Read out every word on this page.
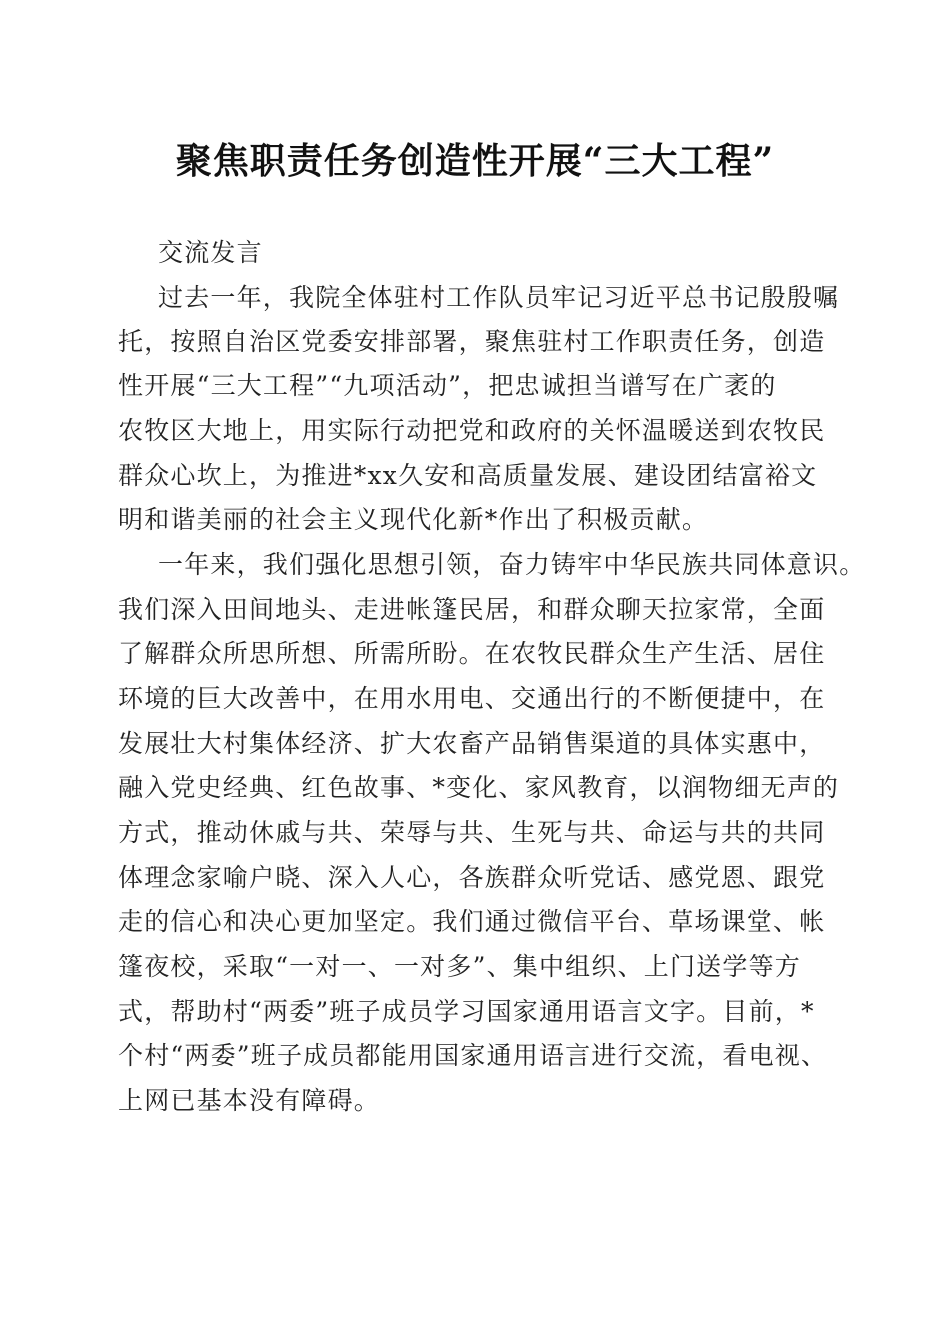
聚焦职责任务创造性开展“三大工程”
交流发言
过去一年，我院全体驻村工作队员牢记习近平总书记殷殷嘱
托，按照自治区党委安排部署，聚焦驻村工作职责任务，创造
性开展“三大工程”“九项活动”，把忠诚担当谱写在广袤的
农牧区大地上，用实际行动把党和政府的关怀温暖送到农牧民
群众心坎上，为推进*xx久安和高质量发展、建设团结富裕文
明和谐美丽的社会主义现代化新*作出了积极贡献。
一年来，我们强化思想引领，奋力铸牢中华民族共同体意识。
我们深入田间地头、走进帐篷民居，和群众聊天拉家常，全面
了解群众所思所想、所需所盼。在农牧民群众生产生活、居住
环境的巨大改善中，在用水用电、交通出行的不断便捷中，在
发展壮大村集体经济、扩大农畜产品销售渠道的具体实惠中，
融入党史经典、红色故事、*变化、家风教育，以润物细无声的
方式，推动休戚与共、荣辱与共、生死与共、命运与共的共同
体理念家喻户晓、深入人心，各族群众听党话、感党恩、跟党
走的信心和决心更加坚定。我们通过微信平台、草场课堂、帐
篷夜校，采取“一对一、一对多”、集中组织、上门送学等方
式，帮助村“两委”班子成员学习国家通用语言文字。目前，*
个村“两委”班子成员都能用国家通用语言进行交流，看电视、
上网已基本没有障碍。
